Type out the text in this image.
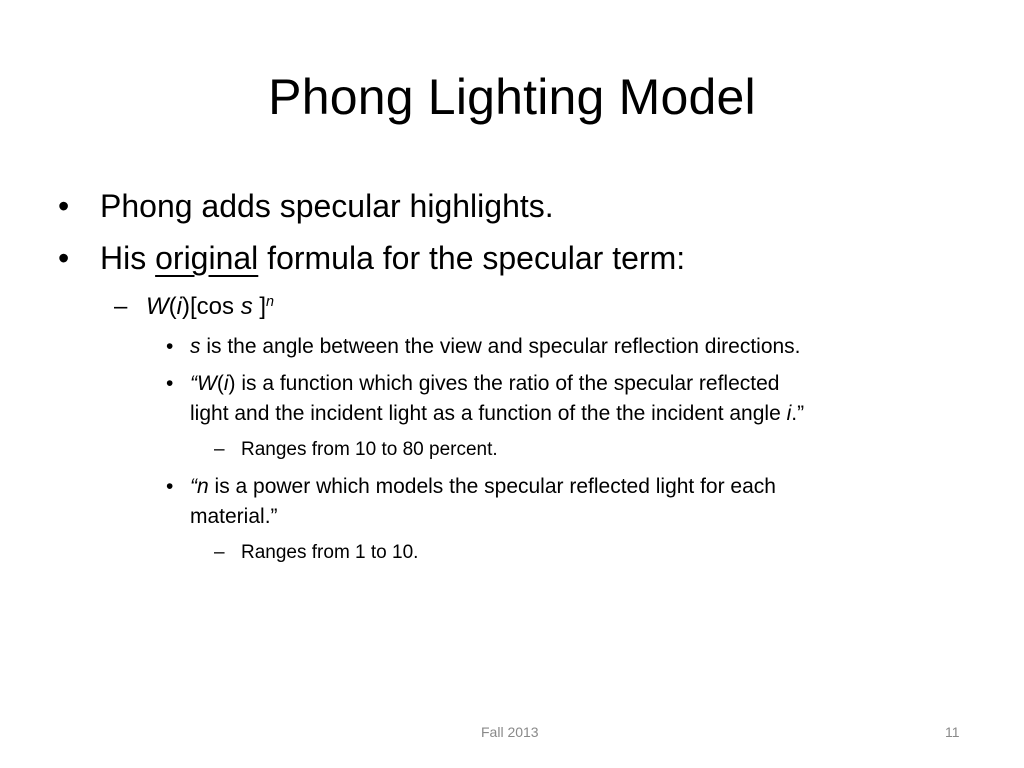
Phong Lighting Model
• Phong adds specular highlights.
• His original formula for the specular term:
– W(i)[cos s ]$^n$
• s is the angle between the view and specular reflection directions.
• “W(i) is a function which gives the ratio of the specular reflected
light and the incident light as a function of the the incident angle i.”
– Ranges from 10 to 80 percent.
• “n is a power which models the specular reflected light for each
material.”
– Ranges from 1 to 10.
Fall 2013	11
